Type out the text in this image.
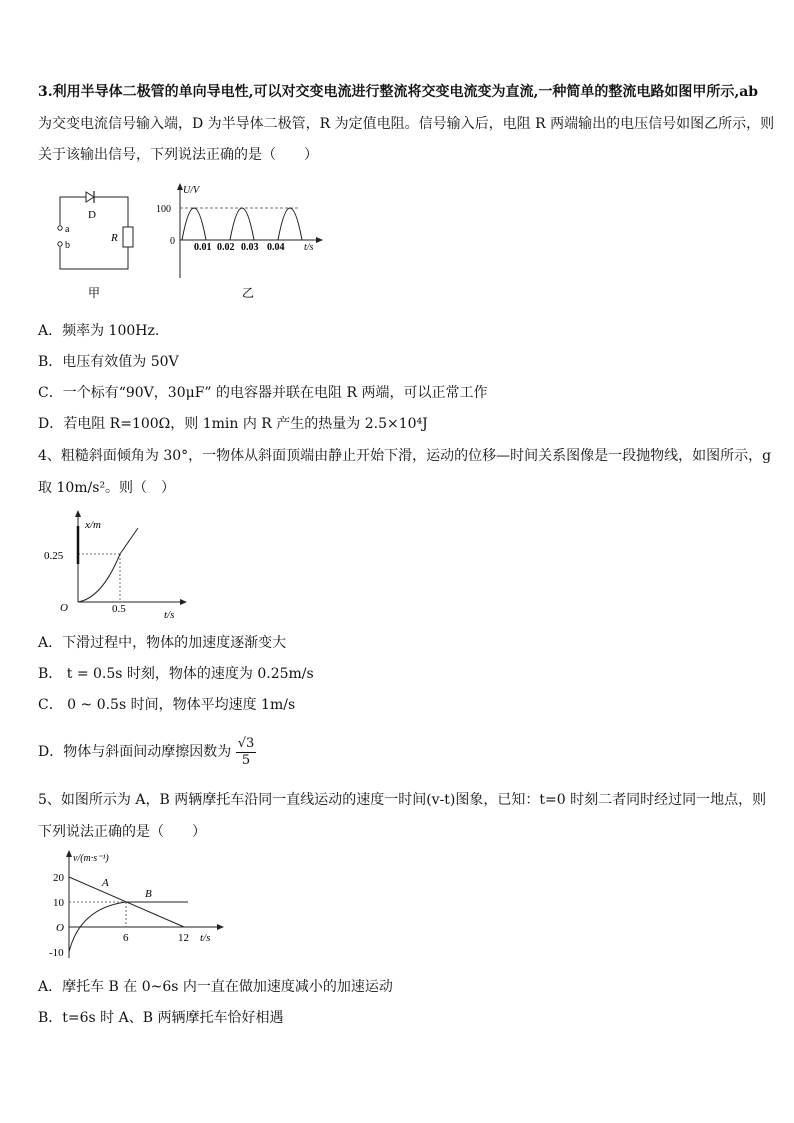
3.利用半导体二极管的单向导电性,可以对交变电流进行整流将交变电流变为直流,一种简单的整流电路如图甲所示,ab
为交变电流信号输入端，D 为半导体二极管，R 为定值电阻。信号输入后，电阻 R 两端输出的电压信号如图乙所示，则
关于该输出信号，下列说法正确的是（　　）
D
a
b
R
甲
U/V
100
0
0.01 0.02 0.03 0.04 t/s
乙
A．频率为 100Hz.
B．电压有效值为 50V
C．一个标有“90V，30μF” 的电容器并联在电阻 R 两端，可以正常工作
D．若电阻 R=100Ω，则 1min 内 R 产生的热量为 2.5×10⁴J
4、粗糙斜面倾角为 30°，一物体从斜面顶端由静止开始下滑，运动的位移—时间关系图像是一段抛物线，如图所示，g
取 10m/s²。则（　）
x/m
0.25
O	0.5	t/s
A．下滑过程中，物体的加速度逐渐变大
B． t = 0.5s 时刻，物体的速度为 0.25m/s
C． 0 ~ 0.5s 时间，物体平均速度 1m/s
D．物体与斜面间动摩擦因数为 $\frac{√3}{5}$
5、如图所示为 A，B 两辆摩托车沿同一直线运动的速度一时间(v-t)图象，已知：t=0 时刻二者同时经过同一地点，则
下列说法正确的是（　　）
v/(m·s⁻¹)
20
10
O
-10
6	12 t/s
A
B
A．摩托车 B 在 0~6s 内一直在做加速度减小的加速运动
B．t=6s 时 A、B 两辆摩托车恰好相遇
